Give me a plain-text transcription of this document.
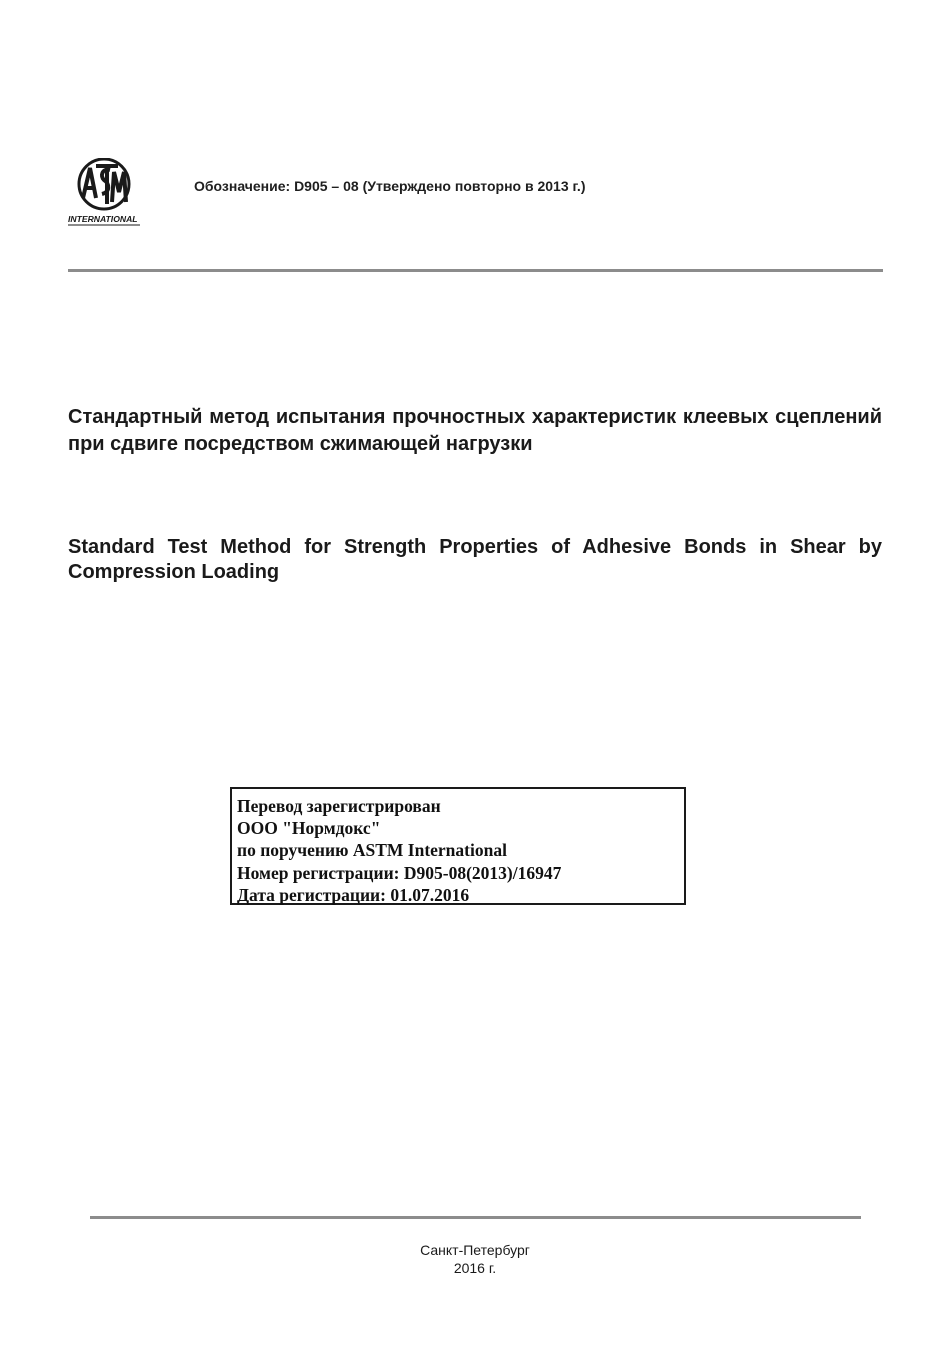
INTERNATIONAL
Обозначение: D905 – 08 (Утверждено повторно в 2013 г.)
Стандартный метод испытания прочностных характеристик клеевых сцеплений при сдвиге посредством сжимающей нагрузки
Standard Test Method for Strength Properties of Adhesive Bonds in Shear by Compression Loading
Перевод зарегистрирован
ООО "Нормдокс"
по поручению ASTM International
Номер регистрации: D905-08(2013)/16947
Дата регистрации: 01.07.2016
Санкт-Петербург
2016 г.
